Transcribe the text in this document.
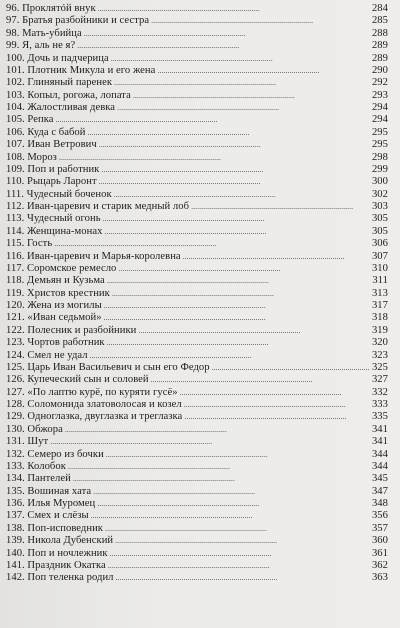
96. Проклятóй внук . . .	284
97. Братья разбойники и сестра . . .	285
98. Мать-убийца . . .	288
99. Я, аль не я? . . .	289
100. Дочь и падчерица . . .	289
101. Плотник Микула и его жена . . .	290
102. Глиняный паренек . . .	292
103. Копыл, рогожа, лопата . . .	293
104. Жалостливая девка . . .	294
105. Репка . . .	294
106. Куда с бабой . . .	295
107. Иван Ветрович . . .	295
108. Мороз . . .	298
109. Поп и работник . . .	299
110. Рыцарь Ларонт . . .	300
111. Чудесный боченок . . .	302
112. Иван-царевич и старик медный лоб . . .	303
113. Чудесный огонь . . .	305
114. Женщина-монах . . .	305
115. Гость . . .	306
116. Иван-царевич и Марья-королевна . . .	307
117. Соромское ремесло . . .	310
118. Демьян и Кузьма . . .	311
119. Христов крестник . . .	313
120. Жена из могилы . . .	317
121. «Иван седьмой» . . .	318
122. Полесник и разбойники . . .	319
123. Чортов работник . . .	320
124. Смел не удал . . .	323
125. Царь Иван Васильевич и сын его Федор . . .	325
126. Купеческий сын и соловей . . .	327
127. «По лаптю курё, по куряти гусё» . . .	332
128. Соломонида златоволосая и козел . . .	333
129. Одноглазка, двуглазка и треглазка . . .	335
130. Обжора . . .	341
131. Шут . . .	341
132. Семеро из бочки . . .	344
133. Колобок . . .	344
134. Пантелей . . .	345
135. Вошиная хата . . .	347
136. Илья Муромец . . .	348
137. Смех и слёзы . . .	356
138. Поп-исповедник . . .	357
139. Никола Дубенский . . .	360
140. Поп и ночлежник . . .	361
141. Праздник Окатка . . .	362
142. Поп теленка родил . . .	363
